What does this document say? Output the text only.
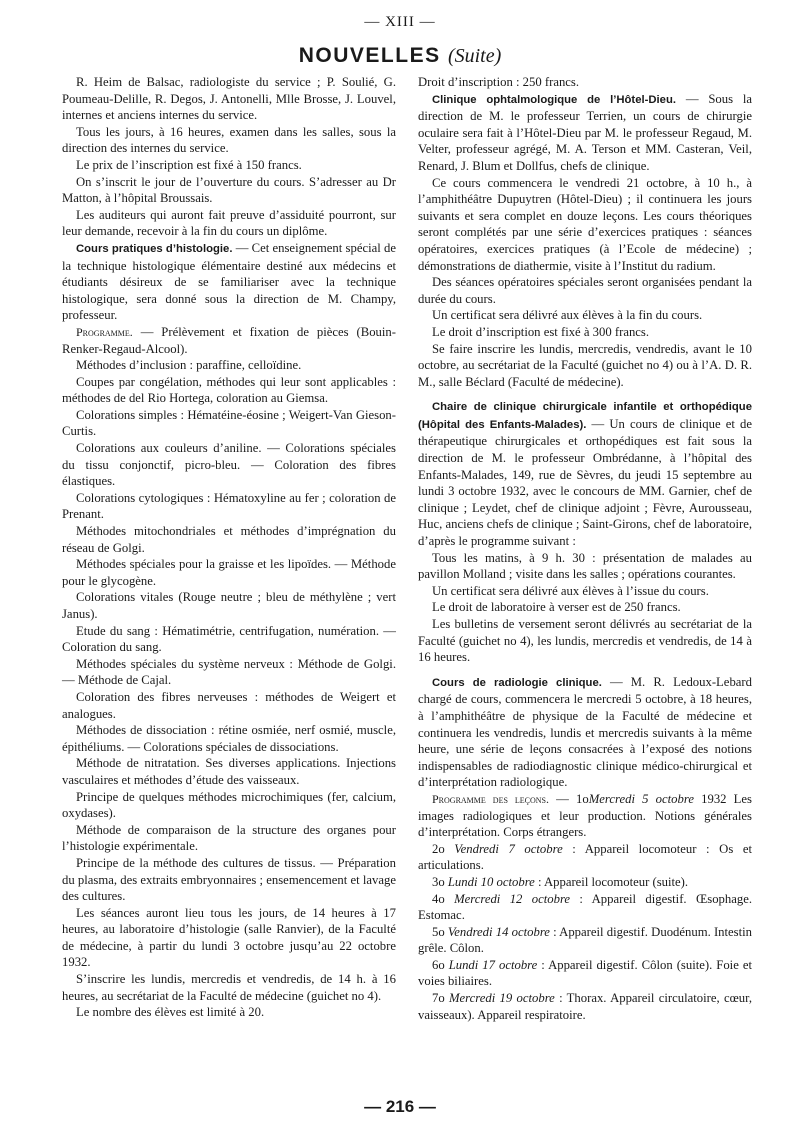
— XIII —
NOUVELLES (Suite)

R. Heim de Balsac, radiologiste du service ; P. Soulié, G. Poumeau-Delille, R. Degos, J. Antonelli, Mlle Brosse, J. Louvel, internes et anciens internes du service.

Tous les jours, à 16 heures, examen dans les salles, sous la direction des internes du service.

Le prix de l’inscription est fixé à 150 francs.

On s’inscrit le jour de l’ouverture du cours. S’adresser au Dr Matton, à l’hôpital Broussais.

Les auditeurs qui auront fait preuve d’assiduité pourront, sur leur demande, recevoir à la fin du cours un diplôme.

Cours pratiques d’histologie. — Cet enseignement spécial de la technique histologique élémentaire destiné aux médecins et étudiants désireux de se familiariser avec la technique histologique, sera donné sous la direction de M. Champy, professeur.

Programme. — Prélèvement et fixation de pièces (Bouin-Renker-Regaud-Alcool).

Méthodes d’inclusion : paraffine, celloïdine.

Coupes par congélation, méthodes qui leur sont applicables : méthodes de del Rio Hortega, coloration au Giemsa.

Colorations simples : Hématéine-éosine ; Weigert-Van Gieson-Curtis.

Colorations aux couleurs d’aniline. — Colorations spéciales du tissu conjonctif, picro-bleu. — Coloration des fibres élastiques.

Colorations cytologiques : Hématoxyline au fer ; coloration de Prenant.

Méthodes mitochondriales et méthodes d’imprégnation du réseau de Golgi.

Méthodes spéciales pour la graisse et les lipoïdes. — Méthode pour le glycogène.

Colorations vitales (Rouge neutre ; bleu de méthylène ; vert Janus).

Etude du sang : Hématimétrie, centrifugation, numération. — Coloration du sang.

Méthodes spéciales du système nerveux : Méthode de Golgi. — Méthode de Cajal.

Coloration des fibres nerveuses : méthodes de Weigert et analogues.

Méthodes de dissociation : rétine osmiée, nerf osmié, muscle, épithéliums. — Colorations spéciales de dissociations.

Méthode de nitratation. Ses diverses applications. Injections vasculaires et méthodes d’étude des vaisseaux.

Principe de quelques méthodes microchimiques (fer, calcium, oxydases).

Méthode de comparaison de la structure des organes pour l’histologie expérimentale.

Principe de la méthode des cultures de tissus. — Préparation du plasma, des extraits embryonnaires ; ensemencement et lavage des cultures.

Les séances auront lieu tous les jours, de 14 heures à 17 heures, au laboratoire d’histologie (salle Ranvier), de la Faculté de médecine, à partir du lundi 3 octobre jusqu’au 22 octobre 1932.

S’inscrire les lundis, mercredis et vendredis, de 14 h. à 16 heures, au secrétariat de la Faculté de médecine (guichet no 4).

Le nombre des élèves est limité à 20.

Droit d’inscription : 250 francs.

Clinique ophtalmologique de l’Hôtel-Dieu. — Sous la direction de M. le professeur Terrien, un cours de chirurgie oculaire sera fait à l’Hôtel-Dieu par M. le professeur Regaud, M. Velter, professeur agrégé, M. A. Terson et MM. Casteran, Veil, Renard, J. Blum et Dollfus, chefs de clinique.

Ce cours commencera le vendredi 21 octobre, à 10 h., à l’amphithéâtre Dupuytren (Hôtel-Dieu) ; il continuera les jours suivants et sera complet en douze leçons. Les cours théoriques seront complétés par une série d’exercices pratiques : séances opératoires, exercices pratiques (à l’Ecole de médecine) ; démonstrations de diathermie, visite à l’Institut du radium.

Des séances opératoires spéciales seront organisées pendant la durée du cours.

Un certificat sera délivré aux élèves à la fin du cours.

Le droit d’inscription est fixé à 300 francs.

Se faire inscrire les lundis, mercredis, vendredis, avant le 10 octobre, au secrétariat de la Faculté (guichet no 4) ou à l’A. D. R. M., salle Béclard (Faculté de médecine).

Chaire de clinique chirurgicale infantile et orthopédique (Hôpital des Enfants-Malades). — Un cours de clinique et de thérapeutique chirurgicales et orthopédiques est fait sous la direction de M. le professeur Ombrédanne, à l’hôpital des Enfants-Malades, 149, rue de Sèvres, du jeudi 15 septembre au lundi 3 octobre 1932, avec le concours de MM. Garnier, chef de clinique ; Leydet, chef de clinique adjoint ; Fèvre, Aurousseau, Huc, anciens chefs de clinique ; Saint-Girons, chef de laboratoire, d’après le programme suivant :

Tous les matins, à 9 h. 30 : présentation de malades au pavillon Molland ; visite dans les salles ; opérations courantes.

Un certificat sera délivré aux élèves à l’issue du cours.

Le droit de laboratoire à verser est de 250 francs.

Les bulletins de versement seront délivrés au secrétariat de la Faculté (guichet no 4), les lundis, mercredis et vendredis, de 14 à 16 heures.

Cours de radiologie clinique. — M. R. Ledoux-Lebard chargé de cours, commencera le mercredi 5 octobre, à 18 heures, à l’amphithéâtre de physique de la Faculté de médecine et continuera les vendredis, lundis et mercredis suivants à la même heure, une série de leçons consacrées à l’exposé des notions indispensables de radiodiagnostic clinique médico-chirurgical et d’interprétation radiologique.

Programme des leçons. — 1oMercredi 5 octobre 1932 Les images radiologiques et leur production. Notions générales d’interprétation. Corps étrangers.

2o Vendredi 7 octobre : Appareil locomoteur : Os et articulations.

3o Lundi 10 octobre : Appareil locomoteur (suite).

4o Mercredi 12 octobre : Appareil digestif. Œsophage. Estomac.

5o Vendredi 14 octobre : Appareil digestif. Duodénum. Intestin grêle. Côlon.

6o Lundi 17 octobre : Appareil digestif. Côlon (suite). Foie et voies biliaires.

7o Mercredi 19 octobre : Thorax. Appareil circulatoire, cœur, vaisseaux). Appareil respiratoire.

— 216 —
